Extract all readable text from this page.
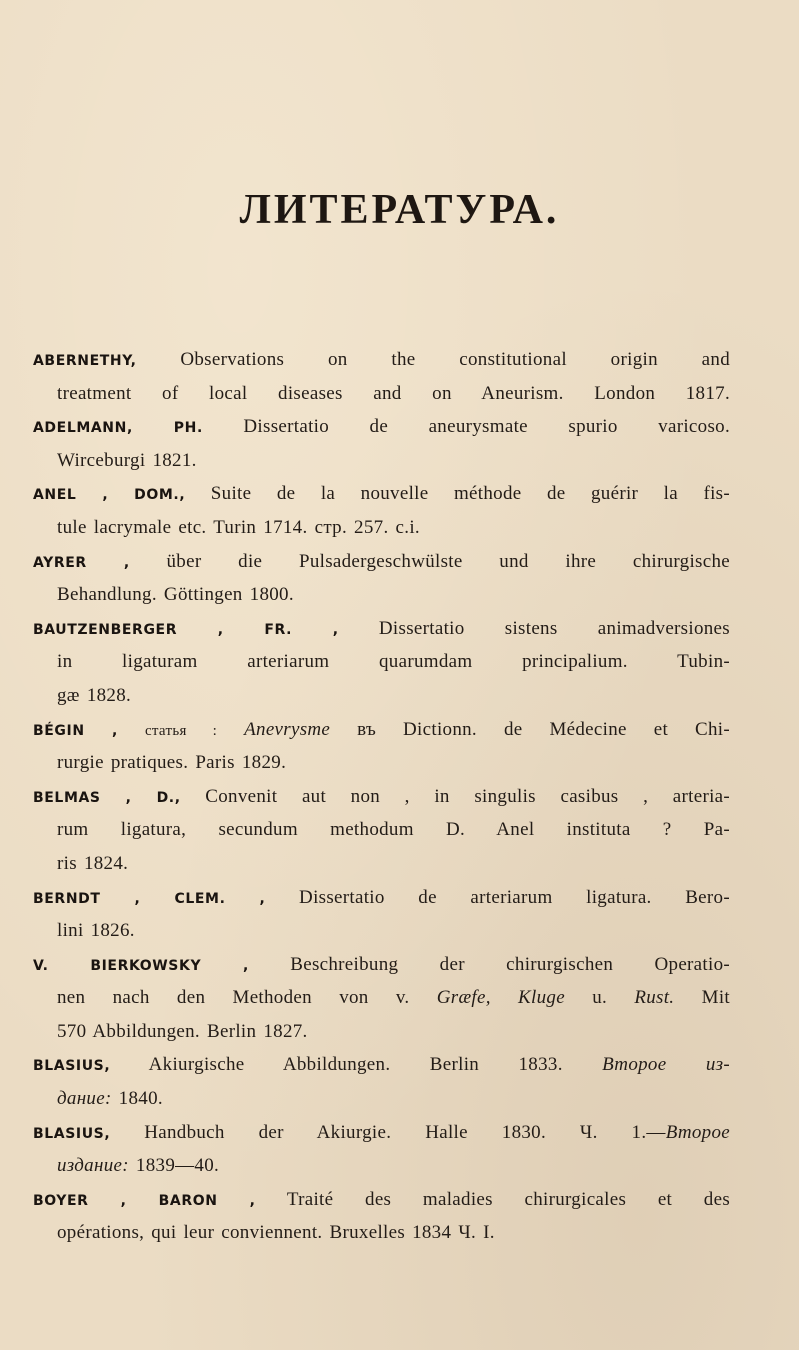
ЛИТЕРАТУРА.
ABERNETHY, Observations on the constitutional origin and
treatment of local diseases and on Aneurism. London 1817.
ADELMANN, PH. Dissertatio de aneurysmate spurio varicoso.
Wirceburgi 1821.
ANEL , DOM., Suite de la nouvelle méthode de guérir la fis-
tule lacrymale etc. Turin 1714. стр. 257. с.і.
AYRER , über die Pulsadergeschwülste und ihre chirurgische
Behandlung. Göttingen 1800.
BAUTZENBERGER , FR. , Dissertatio sistens animadversiones
in ligaturam arteriarum quarumdam principalium. Tubin-
gæ 1828.
BÉGIN , статья : Anevrysme въ Dictionn. de Médecine et Chi-
rurgie pratiques. Paris 1829.
BELMAS , D., Convenit aut non , in singulis casibus , arteria-
rum ligatura, secundum methodum D. Anel instituta ? Pa-
ris 1824.
BERNDT , CLEM. , Dissertatio de arteriarum ligatura. Bero-
lini 1826.
V. BIERKOWSKY , Beschreibung der chirurgischen Operatio-
nen nach den Methoden von v. Græfe, Kluge u. Rust. Mit
570 Abbildungen. Berlin 1827.
BLASIUS, Akiurgische Abbildungen. Berlin 1833. Второе из-
дание: 1840.
BLASIUS, Handbuch der Akiurgie. Halle 1830. Ч. 1.—Второе
издание: 1839—40.
BOYER , BARON , Traité des maladies chirurgicales et des
opérations, qui leur conviennent. Bruxelles 1834 Ч. I.
